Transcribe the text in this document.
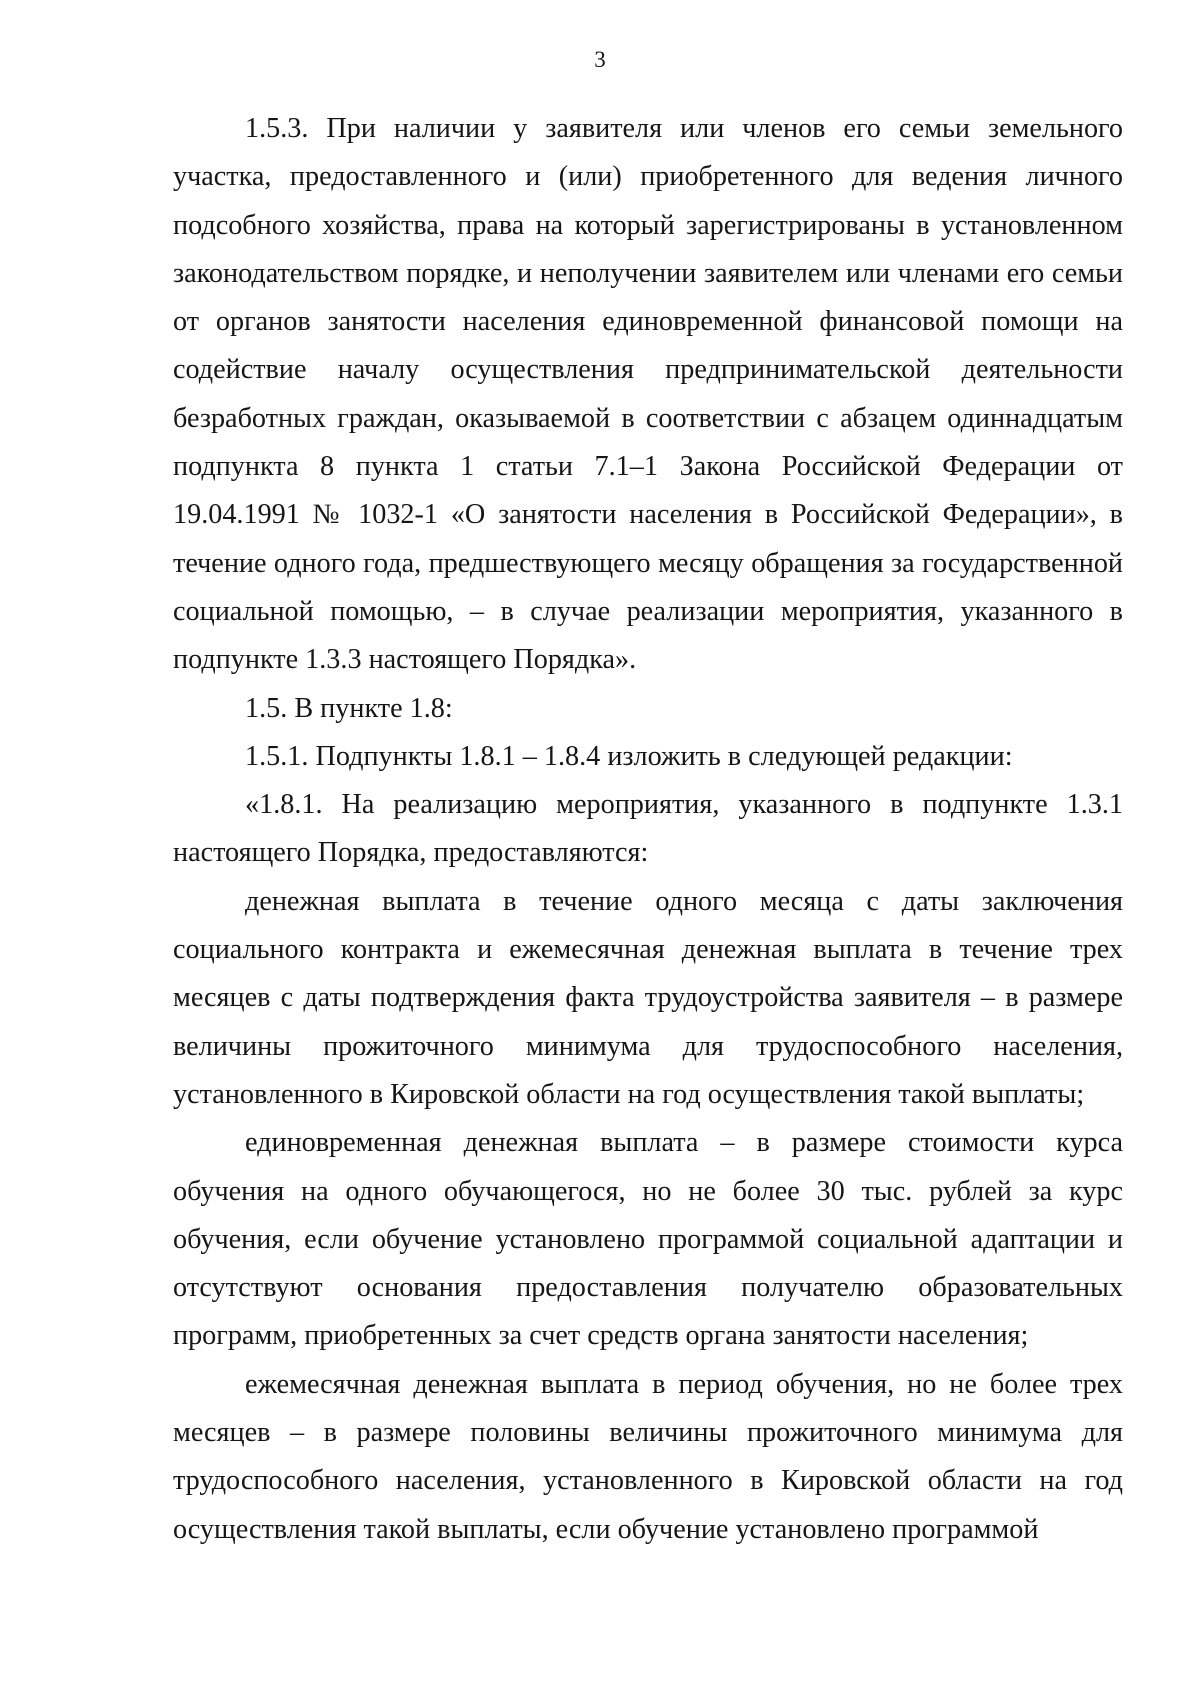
3

1.5.3. При наличии у заявителя или членов его семьи земельного участка, предоставленного и (или) приобретенного для ведения личного подсобного хозяйства, права на который зарегистрированы в установленном законодательством порядке, и неполучении заявителем или членами его семьи от органов занятости населения единовременной финансовой помощи на содействие началу осуществления предпринимательской деятельности безработных граждан, оказываемой в соответствии с абзацем одиннадцатым подпункта 8 пункта 1 статьи 7.1–1 Закона Российской Федерации от 19.04.1991 № 1032-1 «О занятости населения в Российской Федерации», в течение одного года, предшествующего месяцу обращения за государственной социальной помощью, – в случае реализации мероприятия, указанного в подпункте 1.3.3 настоящего Порядка».

1.5. В пункте 1.8:

1.5.1. Подпункты 1.8.1 – 1.8.4 изложить в следующей редакции:

«1.8.1. На реализацию мероприятия, указанного в подпункте 1.3.1 настоящего Порядка, предоставляются:

денежная выплата в течение одного месяца с даты заключения социального контракта и ежемесячная денежная выплата в течение трех месяцев с даты подтверждения факта трудоустройства заявителя – в размере величины прожиточного минимума для трудоспособного населения, установленного в Кировской области на год осуществления такой выплаты;

единовременная денежная выплата – в размере стоимости курса обучения на одного обучающегося, но не более 30 тыс. рублей за курс обучения, если обучение установлено программой социальной адаптации и отсутствуют основания предоставления получателю образовательных программ, приобретенных за счет средств органа занятости населения;

ежемесячная денежная выплата в период обучения, но не более трех месяцев – в размере половины величины прожиточного минимума для трудоспособного населения, установленного в Кировской области на год осуществления такой выплаты, если обучение установлено программой
